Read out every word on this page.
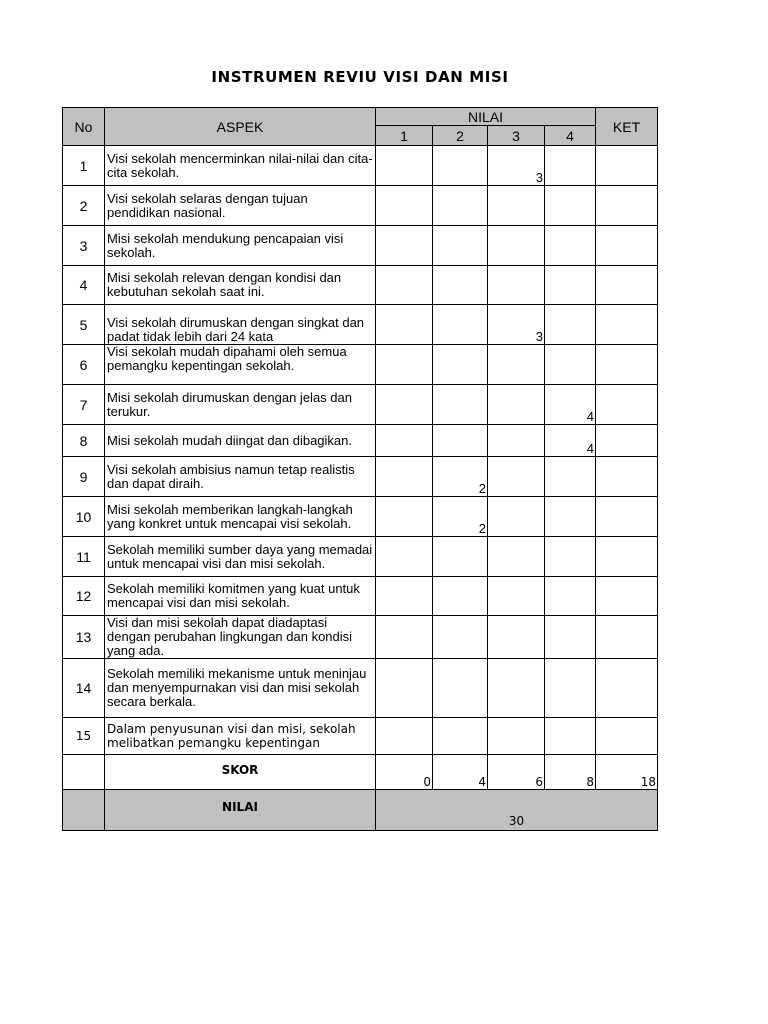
INSTRUMEN REVIU VISI DAN MISI
No	ASPEK	NILAI				KET
		1	2	3	4	
1	Visi sekolah mencerminkan nilai-nilai dan cita-cita sekolah.			3		
2	Visi sekolah selaras dengan tujuan pendidikan nasional.					
3	Misi sekolah mendukung pencapaian visi sekolah.					
4	Misi sekolah relevan dengan kondisi dan kebutuhan sekolah saat ini.					
5	Visi sekolah dirumuskan dengan singkat dan padat tidak lebih dari 24 kata			3		
6	Visi sekolah mudah dipahami oleh semua pemangku kepentingan sekolah.					
7	Misi sekolah dirumuskan dengan jelas dan terukur.				4	
8	Misi sekolah mudah diingat dan dibagikan.				4	
9	Visi sekolah ambisius namun tetap realistis dan dapat diraih.		2			
10	Misi sekolah memberikan langkah-langkah yang konkret untuk mencapai visi sekolah.		2			
11	Sekolah memiliki sumber daya yang memadai untuk mencapai visi dan misi sekolah.					
12	Sekolah memiliki komitmen yang kuat untuk mencapai visi dan misi sekolah.					
13	Visi dan misi sekolah dapat diadaptasi dengan perubahan lingkungan dan kondisi yang ada.					
14	Sekolah memiliki mekanisme untuk meninjau dan menyempurnakan visi dan misi sekolah secara berkala.					
15	Dalam penyusunan visi dan misi, sekolah melibatkan pemangku kepentingan					
	SKOR	0	4	6	8	18
	NILAI	30				
